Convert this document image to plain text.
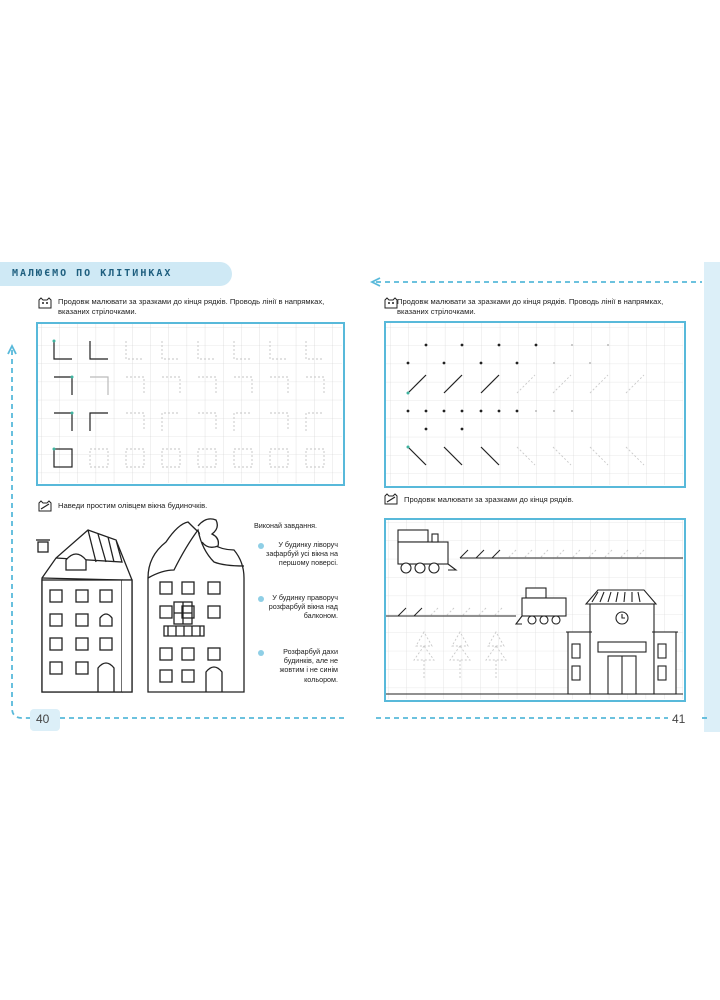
МАЛЮЄМО ПО КЛІТИНКАХ
Продовж малювати за зразками до кінця рядків. Проводь лінії в напрямках, вказаних стрілочками.
Наведи простим олівцем вікна будиночків.
Виконай завдання.
У будинку ліворуч зафарбуй усі вікна на першому поверсі.
У будинку праворуч розфарбуй вікна над балконом.
Розфарбуй дахи будинків, але не жовтим і не синім кольором.
40
Продовж малювати за зразками до кінця рядків. Проводь лінії в напрямках, вказаних стрілочками.
Продовж малювати за зразками до кінця рядків.
41
